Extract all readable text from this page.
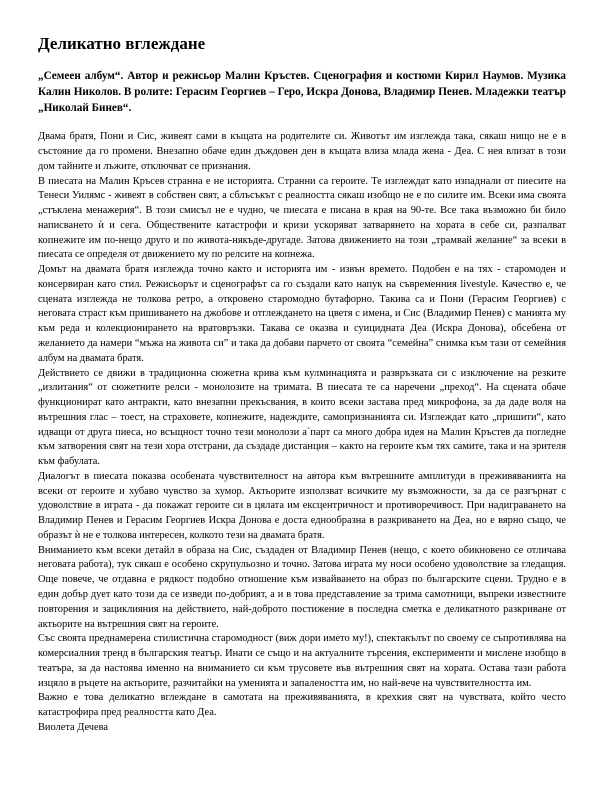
Деликатно вглеждане

„Семеен албум“. Автор и режисьор Малин Кръстев. Сценография и костюми Кирил Наумов. Музика Калин Николов. В ролите: Герасим Георгиев – Геро, Искра Донова, Владимир Пенев. Младежки театър „Николай Бинев“.

Двама братя, Пони и Сис, живеят сами в къщата на родителите си. Животът им изглежда така, сякаш нищо не е в състояние да го промени. Внезапно обаче един дъждовен ден в къщата влиза млада жена - Деа. С нея влизат в този дом тайните и лъжите, отключват се признания.

В пиесата на Малин Кръсев странна е не историята. Странни са героите. Те изглеждат като изпаднали от пиесите на Тенеси Уилямс - живеят в собствен свят, а сблъсъкът с реалността сякаш изобщо не е по силите им. Всеки има своята „стъклена менажерия“. В този смисъл не е чудно, че пиесата е писана в края на 90-те. Все така възможно би било написването ѝ и сега. Обществените катастрофи и кризи ускоряват затварянето на хората в себе си, разпалват копнежите им по-нещо друго и по живота-някъде-другаде. Затова движението на този „трамвай желание“ за всеки в пиесата се определя от движението му по релсите на копнежа.

Домът на двамата братя изглежда точно както и историята им - извън времето. Подобен е на тях - старомоден и консервиран като стил. Режисьорът и сценографът са го създали като напук на съвременния livestyle. Качество е, че сцената изглежда не толкова ретро, а откровено старомодно бутафорно. Такива са и Пони (Герасим Георгиев) с неговата страст към пришиването на джобове и отглеждането на цветя с имена, и Сис (Владимир Пенев) с манията му към реда и колекционирането на вратовръзки. Такава се оказва и суицидната Деа (Искра Донова), обсебена от желанието да намери “мъжа на живота си” и така да добави парчето от своята “семейна” снимка към тази от семейния албум на двамата братя.

Действието се движи в традиционна сюжетна крива към кулминацията и развръзката си с изключение на резките „излитания“ от сюжетните релси - монолозите на тримата. В пиесата те са наречени „преход“. На сцената обаче функционират като антракти, като внезапни прекъсвания, в които всеки застава пред микрофона, за да даде воля на вътрешния глас – тоест, на страховете, копнежите, надеждите, самопризнанията си. Изглеждат като „пришити“, като идващи от друга пиеса, но всъщност точно тези монолози а`парт са много добра идея на Малин Кръстев да погледне към затворения свят на тези хора отстрани, да създаде дистанция – както на героите към тях самите, така и на зрителя към фабулата.

Диалогът в пиесата показва особената чувствителност на автора към вътрешните амплитуди в преживяванията на всеки от героите и хубаво чувство за хумор. Актьорите използват всичките му възможности, за да се разгърнат с удоволствие в играта - да покажат героите си в цялата им ексцентричност и противоречивост. При надиграването на Владимир Пенев и Герасим Георгиев Искра Донова е доста еднообразна в разкриването на Деа, но е вярно също, че образът ѝ не е толкова интересен, колкото тези на двамата братя.

Вниманието към всеки детайл в образа на Сис, създаден от Владимир Пенев (нещо, с което обикновено се отличава неговата работа), тук сякаш е особено скрупульозно и точно. Затова играта му носи особено удоволствие за гледащия. Още повече, че отдавна е рядкост подобно отношение към извайването на образ по българските сцени. Трудно е в един добър дует като този да се изведи по-добрият, а и в това представление за трима самотници, въпреки известните повторения и зациклияния на действието, най-доброто постижение в последна сметка е деликатното разкриване от актьорите на вътрешния свят на героите.

Със своята преднамерена стилистична старомодност (виж дори името му!), спектакълът по своему се съпротивлява на комерсиалния тренд в българския театър. Инати се също и на актуалните търсения, експерименти и мислене изобщо в театъра, за да настоява именно на вниманието си към трусовете във вътрешния свят на хората. Остава тази работа изцяло в ръцете на актьорите, разчитайки на уменията и запалеността им, но най-вече на чувствителността им.

Важно е това деликатно вглеждане в самотата на преживяванията, в крехкия свят на чувствата, който често катастрофира пред реалността като Деа.

Виолета Дечева
